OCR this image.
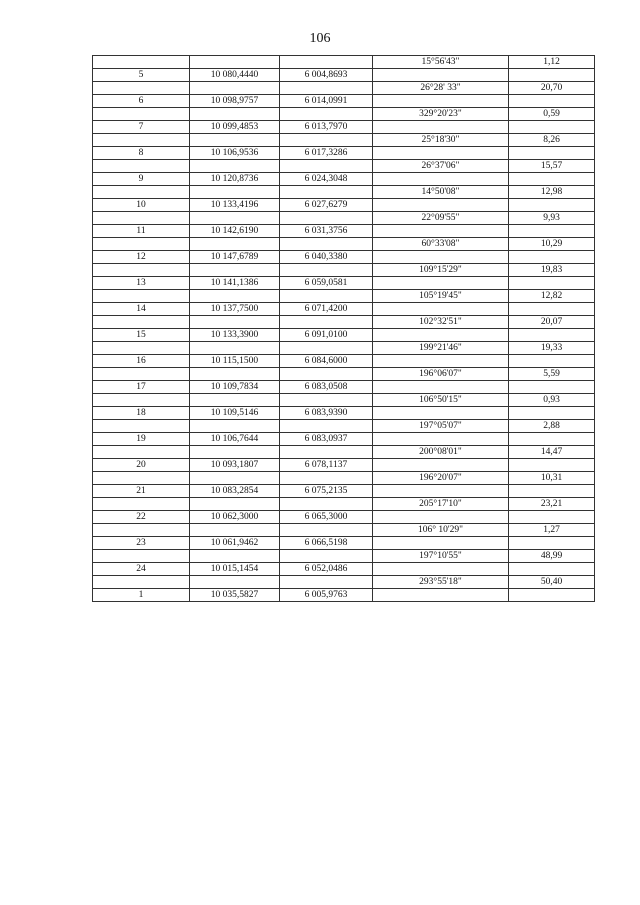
106
			15°56'43"	1,12
5	10 080,4440	6 004,8693		
			26°28' 33"	20,70
6	10 098,9757	6 014,0991		
			329°20'23"	0,59
7	10 099,4853	6 013,7970		
			25°18'30"	8,26
8	10 106,9536	6 017,3286		
			26°37'06"	15,57
9	10 120,8736	6 024,3048		
			14°50'08"	12,98
10	10 133,4196	6 027,6279		
			22°09'55"	9,93
11	10 142,6190	6 031,3756		
			60°33'08"	10,29
12	10 147,6789	6 040,3380		
			109°15'29"	19,83
13	10 141,1386	6 059,0581		
			105°19'45"	12,82
14	10 137,7500	6 071,4200		
			102°32'51"	20,07
15	10 133,3900	6 091,0100		
			199°21'46"	19,33
16	10 115,1500	6 084,6000		
			196°06'07"	5,59
17	10 109,7834	6 083,0508		
			106°50'15"	0,93
18	10 109,5146	6 083,9390		
			197°05'07"	2,88
19	10 106,7644	6 083,0937		
			200°08'01"	14,47
20	10 093,1807	6 078,1137		
			196°20'07"	10,31
21	10 083,2854	6 075,2135		
			205°17'10"	23,21
22	10 062,3000	6 065,3000		
			106° 10'29"	1,27
23	10 061,9462	6 066,5198		
			197°10'55"	48,99
24	10 015,1454	6 052,0486		
			293°55'18"	50,40
1	10 035,5827	6 005,9763		
